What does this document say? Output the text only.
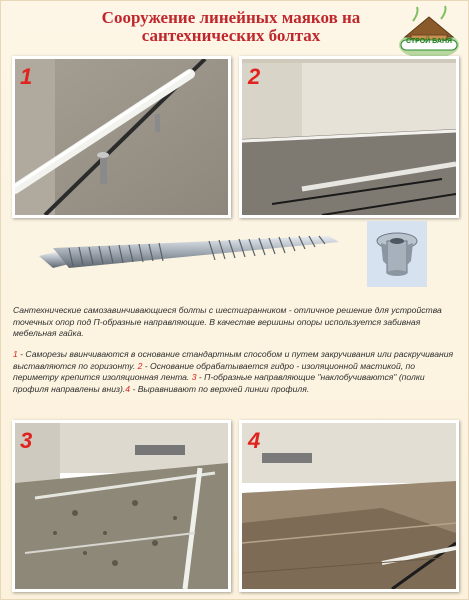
Сооружение линейных маяков на
сантехнических болтах	СТРОЙ БАНЯ
1	2
Сантехнические самозавинчивающиеся болты с шестигранником - отличное решение для устройства точечных опор под П-образные направляющие. В качестве вершины опоры используется забивная мебельная гайка.
1 - Саморезы ввинчиваются в основание стандартным способом и путем закручивания или раскручивания выставляются по горизонту. 2 - Основание обрабатывается гидро - изоляционной мастикой, по периметру крепится изоляционная лента. 3 - П-образные направляющие "наклобучиваются" (полки профиля направлены вниз).4 - Выравнивают по верхней линии профиля.
3	4
